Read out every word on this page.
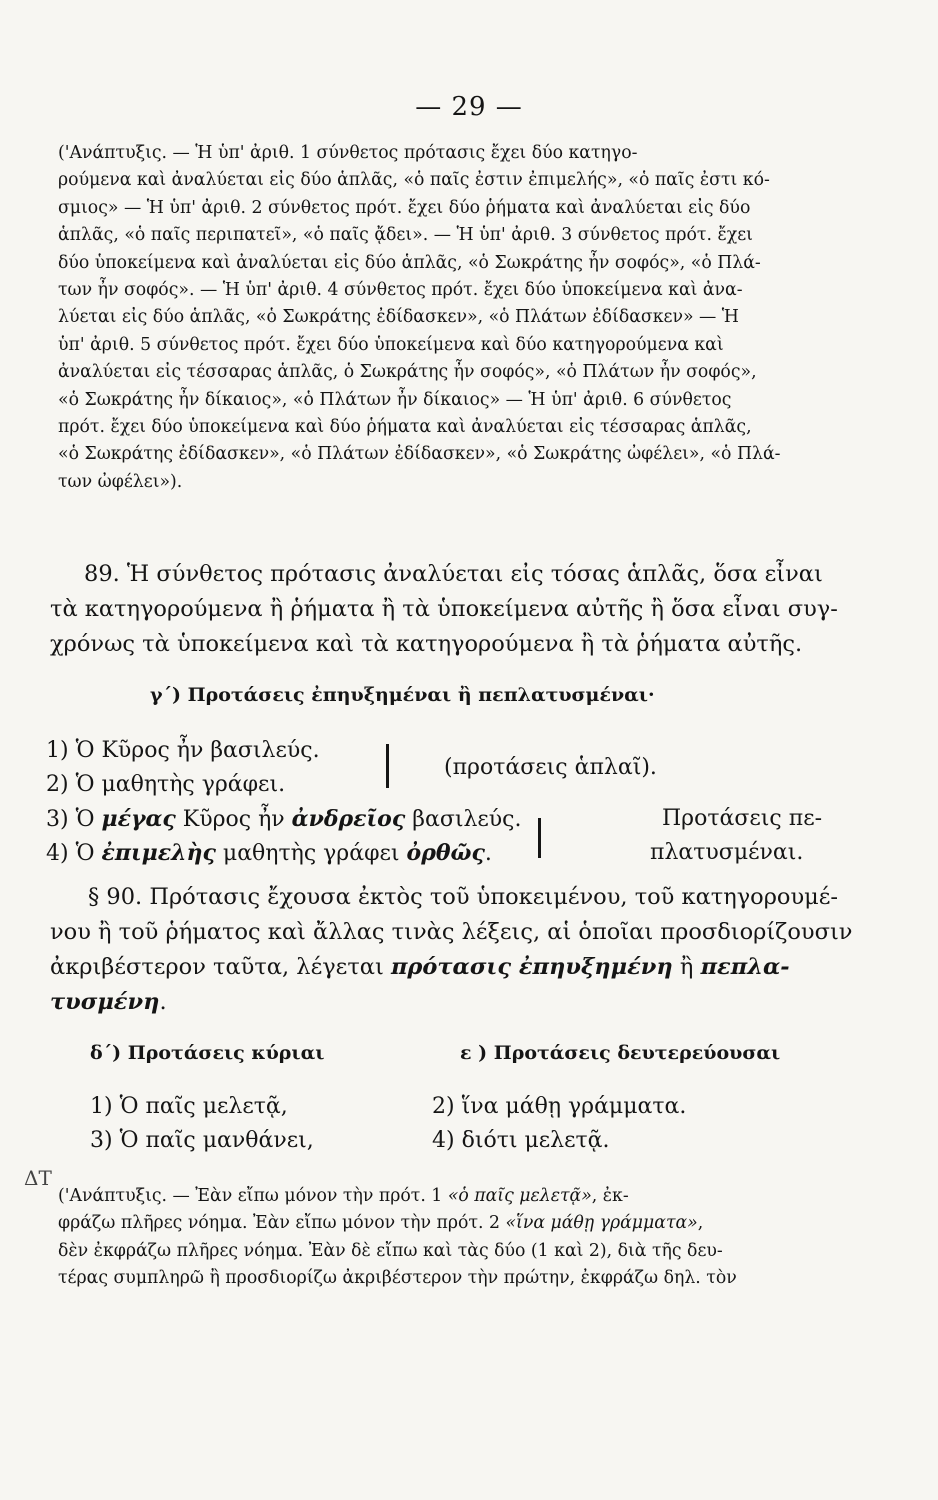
— 29 —
('Ανάπτυξις. — Ἡ ὑπ' ἀριθ. 1 σύνθετος πρότασις ἔχει δύο κατηγο-
ρούμενα καὶ ἀναλύεται εἰς δύο ἁπλᾶς, «ὁ παῖς ἐστιν ἐπιμελής», «ὁ παῖς ἐστι κό-
σμιος» — Ἡ ὑπ' ἀριθ. 2 σύνθετος πρότ. ἔχει δύο ῥήματα καὶ ἀναλύεται εἰς δύο
ἁπλᾶς, «ὁ παῖς περιπατεῖ», «ὁ παῖς ᾄδει». — Ἡ ὑπ' ἀριθ. 3 σύνθετος πρότ. ἔχει
δύο ὑποκείμενα καὶ ἀναλύεται εἰς δύο ἁπλᾶς, «ὁ Σωκράτης ἦν σοφός», «ὁ Πλά-
των ἦν σοφός». — Ἡ ὑπ' ἀριθ. 4 σύνθετος πρότ. ἔχει δύο ὑποκείμενα καὶ ἀνα-
λύεται εἰς δύο ἁπλᾶς, «ὁ Σωκράτης ἐδίδασκεν», «ὁ Πλάτων ἐδίδασκεν» — Ἡ
ὑπ' ἀριθ. 5 σύνθετος πρότ. ἔχει δύο ὑποκείμενα καὶ δύο κατηγορούμενα καὶ
ἀναλύεται εἰς τέσσαρας ἁπλᾶς, ὁ Σωκράτης ἦν σοφός», «ὁ Πλάτων ἦν σοφός»,
«ὁ Σωκράτης ἦν δίκαιος», «ὁ Πλάτων ἦν δίκαιος» — Ἡ ὑπ' ἀριθ. 6 σύνθετος
πρότ. ἔχει δύο ὑποκείμενα καὶ δύο ῥήματα καὶ ἀναλύεται εἰς τέσσαρας ἁπλᾶς,
«ὁ Σωκράτης ἐδίδασκεν», «ὁ Πλάτων ἐδίδασκεν», «ὁ Σωκράτης ὠφέλει», «ὁ Πλά-
των ὠφέλει»).
89. Ἡ σύνθετος πρότασις ἀναλύεται εἰς τόσας ἁπλᾶς, ὅσα εἶναι
τὰ κατηγορούμενα ἢ ῥήματα ἢ τὰ ὑποκείμενα αὐτῆς ἢ ὅσα εἶναι συγ-
χρόνως τὰ ὑποκείμενα καὶ τὰ κατηγορούμενα ἢ τὰ ῥήματα αὐτῆς.
γ΄) Προτάσεις ἐπηυξημέναι ἢ πεπλατυσμέναι·
1) Ὁ Κῦρος ἦν βασιλεύς.
2) Ὁ μαθητὴς γράφει.
(προτάσεις ἁπλαῖ).
3) Ὁ μέγας Κῦρος ἦν ἀνδρεῖος βασιλεύς.
4) Ὁ ἐπιμελὴς μαθητὴς γράφει ὀρθῶς.
Προτάσεις πε-
πλατυσμέναι.
§ 90. Πρότασις ἔχουσα ἐκτὸς τοῦ ὑποκειμένου, τοῦ κατηγορουμέ-
νου ἢ τοῦ ῥήματος καὶ ἄλλας τινὰς λέξεις, αἱ ὁποῖαι προσδιορίζουσιν
ἀκριβέστερον ταῦτα, λέγεται πρότασις ἐπηυξημένη ἢ πεπλα-
τυσμένη.
δ΄) Προτάσεις κύριαι	ε ) Προτάσεις δευτερεύουσαι
1) Ὁ παῖς μελετᾷ,
3) Ὁ παῖς μανθάνει,
2) ἵνα μάθῃ γράμματα.
4) διότι μελετᾷ.
ΔΤ
('Ανάπτυξις. — Ἐὰν εἴπω μόνον τὴν πρότ. 1 «ὁ παῖς μελετᾷ», ἐκ-
φράζω πλῆρες νόημα. Ἐὰν εἴπω μόνον τὴν πρότ. 2 «ἵνα μάθῃ γράμματα»,
δὲν ἐκφράζω πλῆρες νόημα. Ἐὰν δὲ εἴπω καὶ τὰς δύο (1 καὶ 2), διὰ τῆς δευ-
τέρας συμπληρῶ ἢ προσδιορίζω ἀκριβέστερον τὴν πρώτην, ἐκφράζω δηλ. τὸν
